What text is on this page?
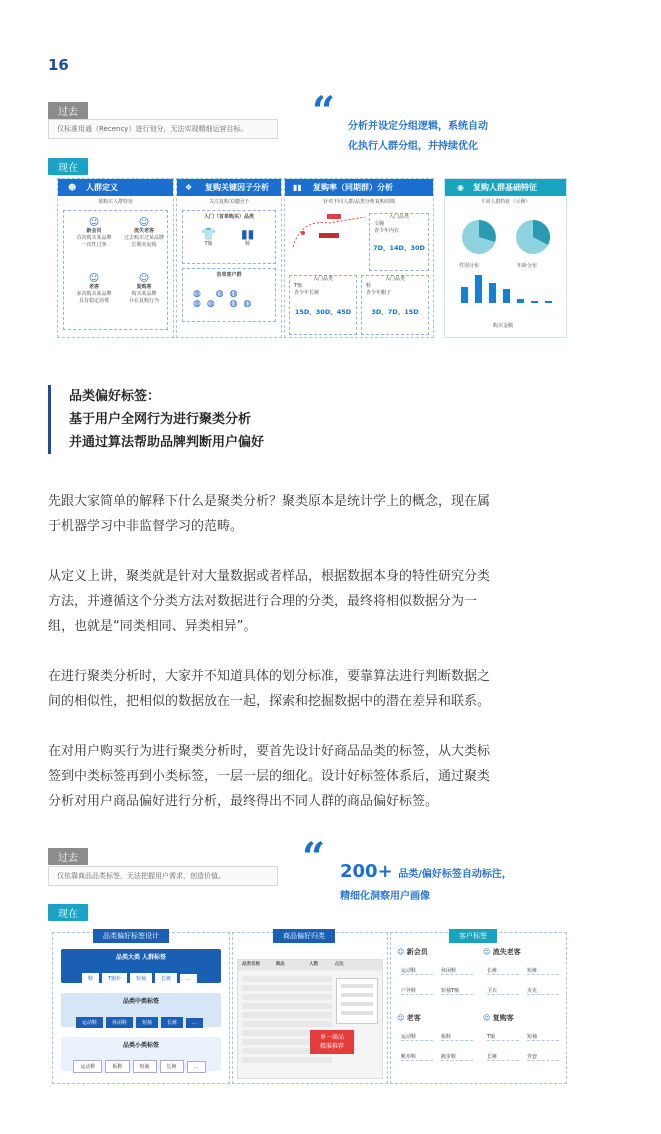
16
过去
仅标准用通（Recency）进行划分，无法实现精细运营目标。	“ 分析并设定分组逻辑，系统自动
化执行人群分组，并持续优化
现在
☻ 人群定义
某购买人群特征
☺
新会员
首次购买某品牌
一次性过客
☺
流失老客
过去购买过某品牌
长期未复购
☺
老客
多次购买某品牌
具有稳定消费
☺
复购客
购买某品牌
存在复购行为
❖ 复购关键因子分析
关注复购关键因子
入门（首单购买）品类
👕
T恤
▮▮
鞋
首单客户群
◍ ◍◍ ◍◍ ◍◍
▮▮ 复购率（同期群）分析
针对不同人群/品类分析复购周期
入门品类
文胸
青少年内衣
7D、14D、30D
入门品类
T恤
青少年长裤
15D、30D、45D
入门品类
鞋
青少年帽子
3D、7D、15D
◉ 复购人群基础特征
不同人群特征（示例）
性别分布	年龄分布
购买金额
品类偏好标签：
基于用户全网行为进行聚类分析
并通过算法帮助品牌判断用户偏好
先跟大家简单的解释下什么是聚类分析？聚类原本是统计学上的概念，现在属
于机器学习中非监督学习的范畴。
从定义上讲，聚类就是针对大量数据或者样品，根据数据本身的特性研究分类
方法，并遵循这个分类方法对数据进行合理的分类，最终将相似数据分为一
组，也就是“同类相同、异类相异”。
在进行聚类分析时，大家并不知道具体的划分标准，要靠算法进行判断数据之
间的相似性，把相似的数据放在一起，探索和挖掘数据中的潜在差异和联系。
在对用户购买行为进行聚类分析时，要首先设计好商品品类的标签，从大类标
签到中类标签再到小类标签，一层一层的细化。设计好标签体系后，通过聚类
分析对用户商品偏好进行分析，最终得出不同人群的商品偏好标签。
过去
仅依靠商品品类标签，无法把握用户需求，创造价值。	“ 200+ 品类/偏好标签自动标注，
精细化洞察用户画像
现在
品类偏好标签设计
品类大类 人群标签
鞋	T恤衫	短袖	长裤	…
品类中类标签
运动鞋	休闲鞋	短袖	长裤	…
品类小类标签
运动鞋	板鞋	短袖	长裤	…
商品偏好归类
品类名称	商品	人数	占比
单一商品
精准推荐
客户标签
☺ 新会员
运动鞋	休闲鞋户外鞋	短袖T恤
☺ 流失老客
长裤	短裤卫衣	夹克
☺ 老客
运动鞋	板鞋帆布鞋	跑步鞋
☺ 复购客
T恤	短袖长裤	外套
